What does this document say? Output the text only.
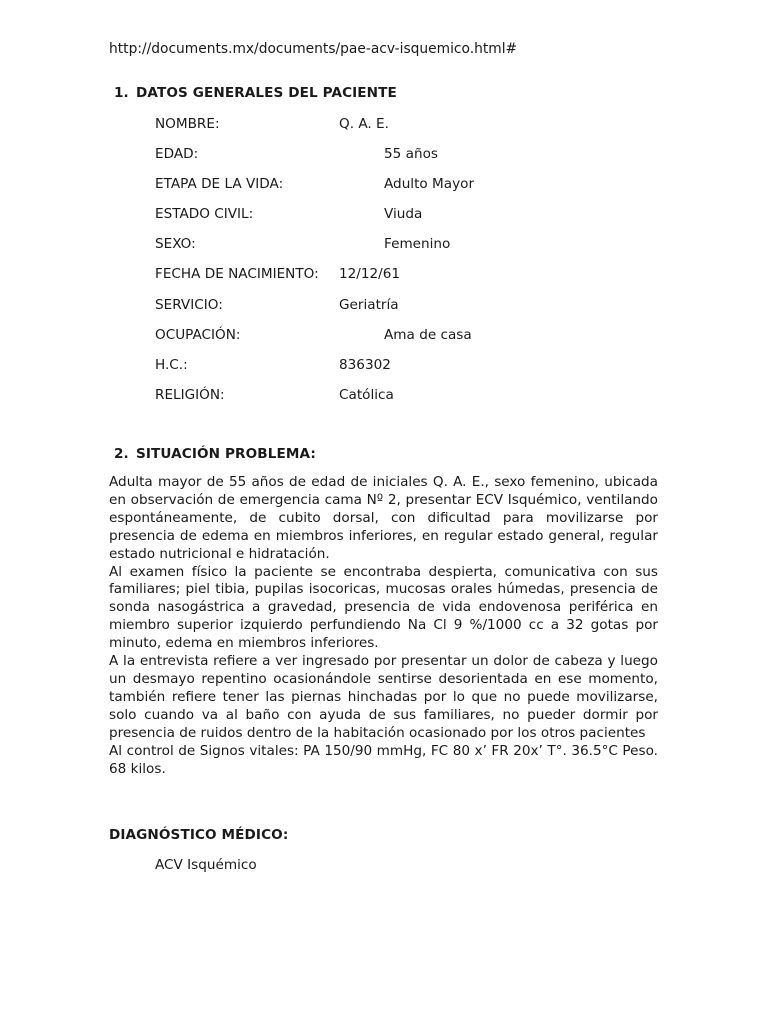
http://documents.mx/documents/pae-acv-isquemico.html#
1. DATOS GENERALES DEL PACIENTE
NOMBRE:	Q. A. E.
EDAD:	55 años
ETAPA DE LA VIDA:	Adulto Mayor
ESTADO CIVIL:	Viuda
SEXO:	Femenino
FECHA DE NACIMIENTO: 12/12/61
SERVICIO:	Geriatría
OCUPACIÓN:	Ama de casa
H.C.:	836302
RELIGIÓN:	Católica
2. SITUACIÓN PROBLEMA:

Adulta mayor de 55 años de edad de iniciales Q. A. E., sexo femenino, ubicada en observación de emergencia cama Nº 2, presentar ECV Isquémico, ventilando espontáneamente, de cubito dorsal, con dificultad para movilizarse por presencia de edema en miembros inferiores, en regular estado general, regular estado nutricional e hidratación.

Al examen físico la paciente se encontraba despierta, comunicativa con sus familiares; piel tibia, pupilas isocoricas, mucosas orales húmedas, presencia de sonda nasogástrica a gravedad, presencia de vida endovenosa periférica en miembro superior izquierdo perfundiendo Na Cl 9 %/1000 cc a 32 gotas por minuto, edema en miembros inferiores.

A la entrevista refiere a ver ingresado por presentar un dolor de cabeza y luego un desmayo repentino ocasionándole sentirse desorientada en ese momento, también refiere tener las piernas hinchadas por lo que no puede movilizarse, solo cuando va al baño con ayuda de sus familiares, no pueder dormir por presencia de ruidos dentro de la habitación ocasionado por los otros pacientes

Al control de Signos vitales: PA 150/90 mmHg, FC 80 x’ FR 20x’ T°. 36.5°C Peso. 68 kilos.

DIAGNÓSTICO MÉDICO:
ACV Isquémico
